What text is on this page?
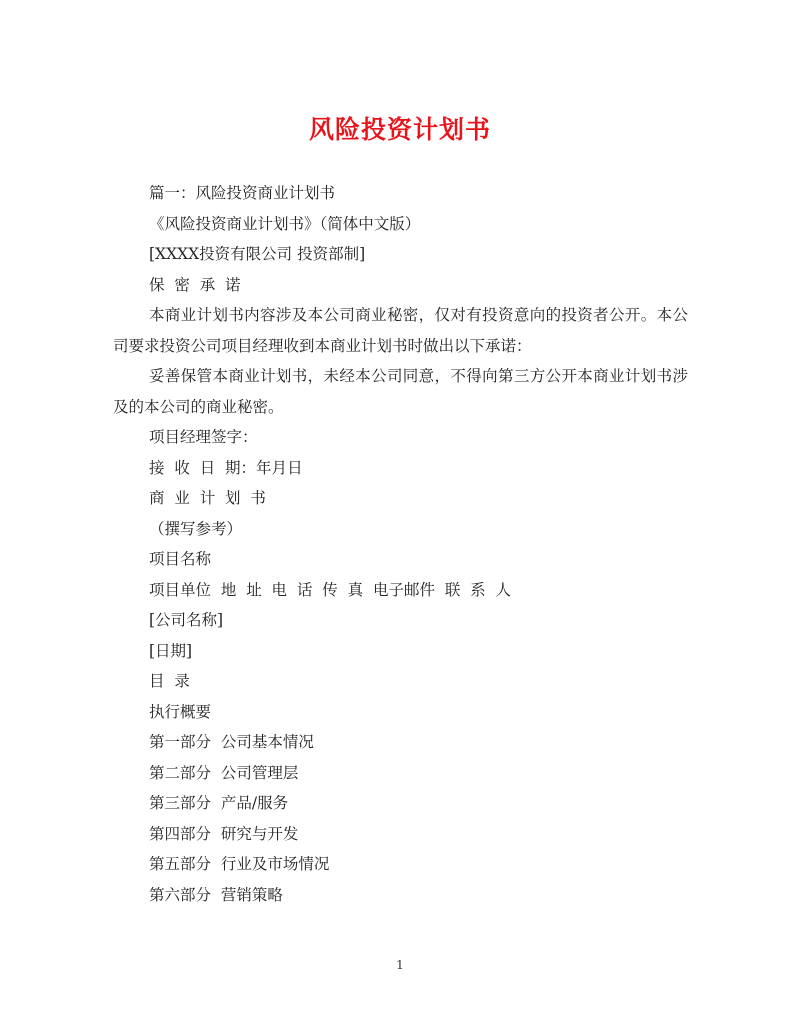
风险投资计划书

篇一：风险投资商业计划书

《风险投资商业计划书》（简体中文版）

[XXXX投资有限公司 投资部制]

保  密  承  诺

本商业计划书内容涉及本公司商业秘密，仅对有投资意向的投资者公开。本公司要求投资公司项目经理收到本商业计划书时做出以下承诺：

妥善保管本商业计划书，未经本公司同意，不得向第三方公开本商业计划书涉及的本公司的商业秘密。

项目经理签字：

接  收  日  期：年月日

商  业  计  划  书

（撰写参考）

项目名称

项目单位  地  址  电  话  传  真  电子邮件  联  系  人

[公司名称]

[日期]

目  录

执行概要

第一部分  公司基本情况

第二部分  公司管理层

第三部分  产品/服务

第四部分  研究与开发

第五部分  行业及市场情况

第六部分  营销策略

1
